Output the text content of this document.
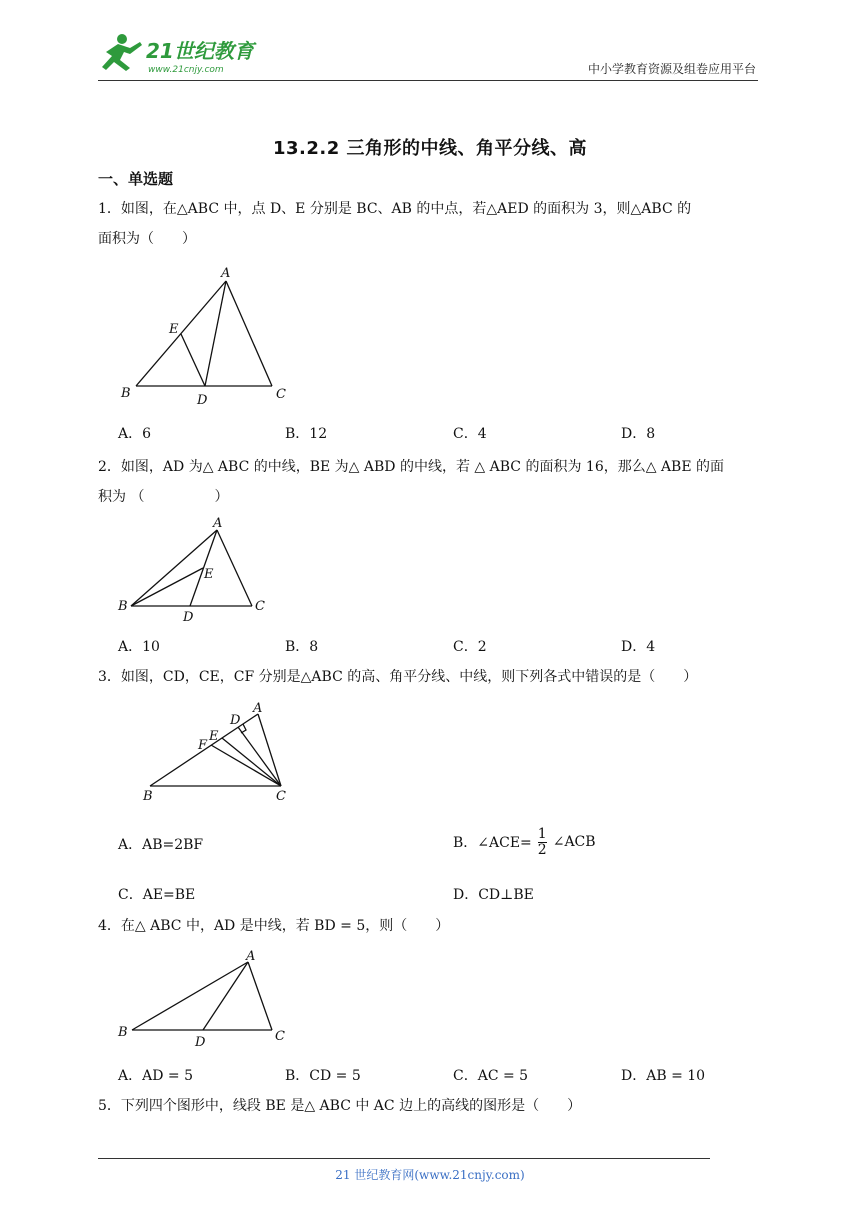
21世纪教育
www.21cnjy.com	中小学教育资源及组卷应用平台
13.2.2 三角形的中线、角平分线、高
一、单选题
1．如图，在△ABC 中，点 D、E 分别是 BC、AB 的中点，若△AED 的面积为 3，则△ABC 的
面积为（　　）
A
E
B	D	C
A．6	B．12	C．4	D．8
2．如图，AD 为△ ABC 的中线，BE 为△ ABD 的中线，若 △ ABC 的面积为 16，那么△ ABE 的面
积为 （　　　　　）
A
E
B
D
C
A．10	B．8	C．2	D．4
3．如图，CD，CE，CF 分别是△ABC 的高、角平分线、中线，则下列各式中错误的是（　　）
D
A
E
F
B	C
A．AB=2BF	B．∠ACE= $\frac{1}{2}$ ∠ACB
C．AE=BE	D．CD⊥BE
4．在△ ABC 中，AD 是中线，若 BD = 5，则（　　）
A
B
D	C
A．AD = 5	B．CD = 5	C．AC = 5	D．AB = 10
5．下列四个图形中，线段 BE 是△ ABC 中 AC 边上的高线的图形是（　　）
21 世纪教育网(www.21cnjy.com)
